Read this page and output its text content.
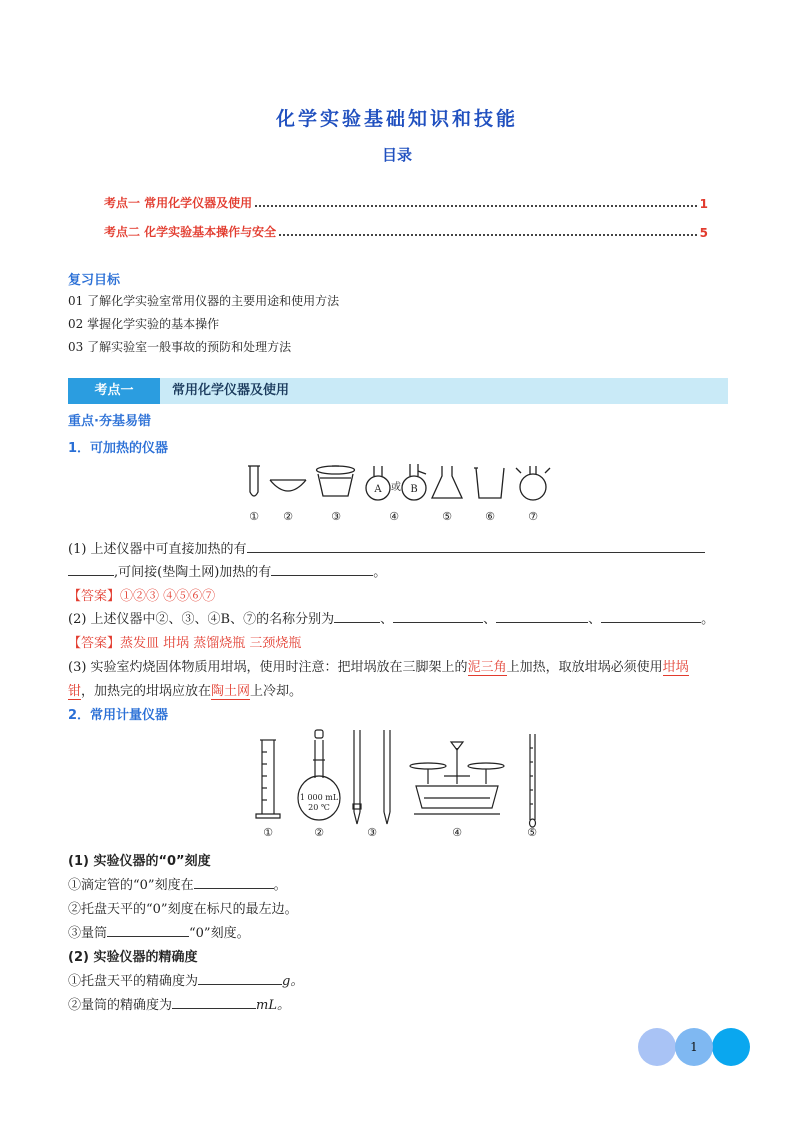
化学实验基础知识和技能
目录
考点一 常用化学仪器及使用	1
考点二 化学实验基本操作与安全	5
复习目标
01 了解化学实验室常用仪器的主要用途和使用方法
02 掌握化学实验的基本操作
03 了解实验室一般事故的预防和处理方法
考点一	常用化学仪器及使用
重点·夯基易错
1．可加热的仪器
A 或 B
① ②	③	④	⑤	⑥	⑦
(1) 上述仪器中可直接加热的有
,可间接(垫陶土网)加热的有	。
【答案】①②③ ④⑤⑥⑦
(2) 上述仪器中②、③、④B、⑦的名称分别为	、	、	、	。
【答案】蒸发皿 坩埚 蒸馏烧瓶 三颈烧瓶
(3) 实验室灼烧固体物质用坩埚，使用时注意：把坩埚放在三脚架上的泥三角上加热，取放坩埚必须使用坩埚
钳，加热完的坩埚应放在陶土网上冷却。
2．常用计量仪器
1 000 mL
20 ℃
①	②	③	④	⑤
(1) 实验仪器的“0”刻度
①滴定管的“0”刻度在	。
②托盘天平的“0”刻度在标尺的最左边。
③量筒	“0”刻度。
(2) 实验仪器的精确度
①托盘天平的精确度为	g。
②量筒的精确度为	mL。
1
